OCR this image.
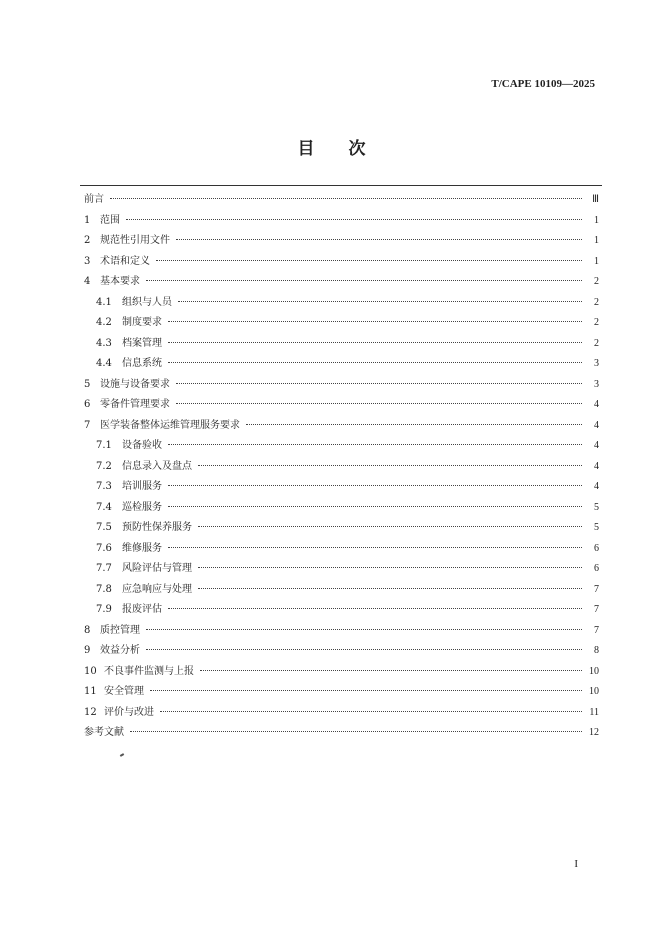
T/CAPE 10109—2025
目 次
前言	Ⅲ
1 范围	1
2 规范性引用文件	1
3 术语和定义	1
4 基本要求	2
4.1	组织与人员	2
4.2	制度要求	2
4.3	档案管理	2
4.4	信息系统	3
5 设施与设备要求	3
6 零备件管理要求	4
7 医学装备整体运维管理服务要求	4
7.1	设备验收	4
7.2	信息录入及盘点	4
7.3	培训服务	4
7.4	巡检服务	5
7.5	预防性保养服务	5
7.6	维修服务	6
7.7	风险评估与管理	6
7.8	应急响应与处理	7
7.9	报废评估	7
8 质控管理	7
9 效益分析	8
10 不良事件监测与上报	10
11 安全管理	10
12 评价与改进	11
参考文献	12
I
